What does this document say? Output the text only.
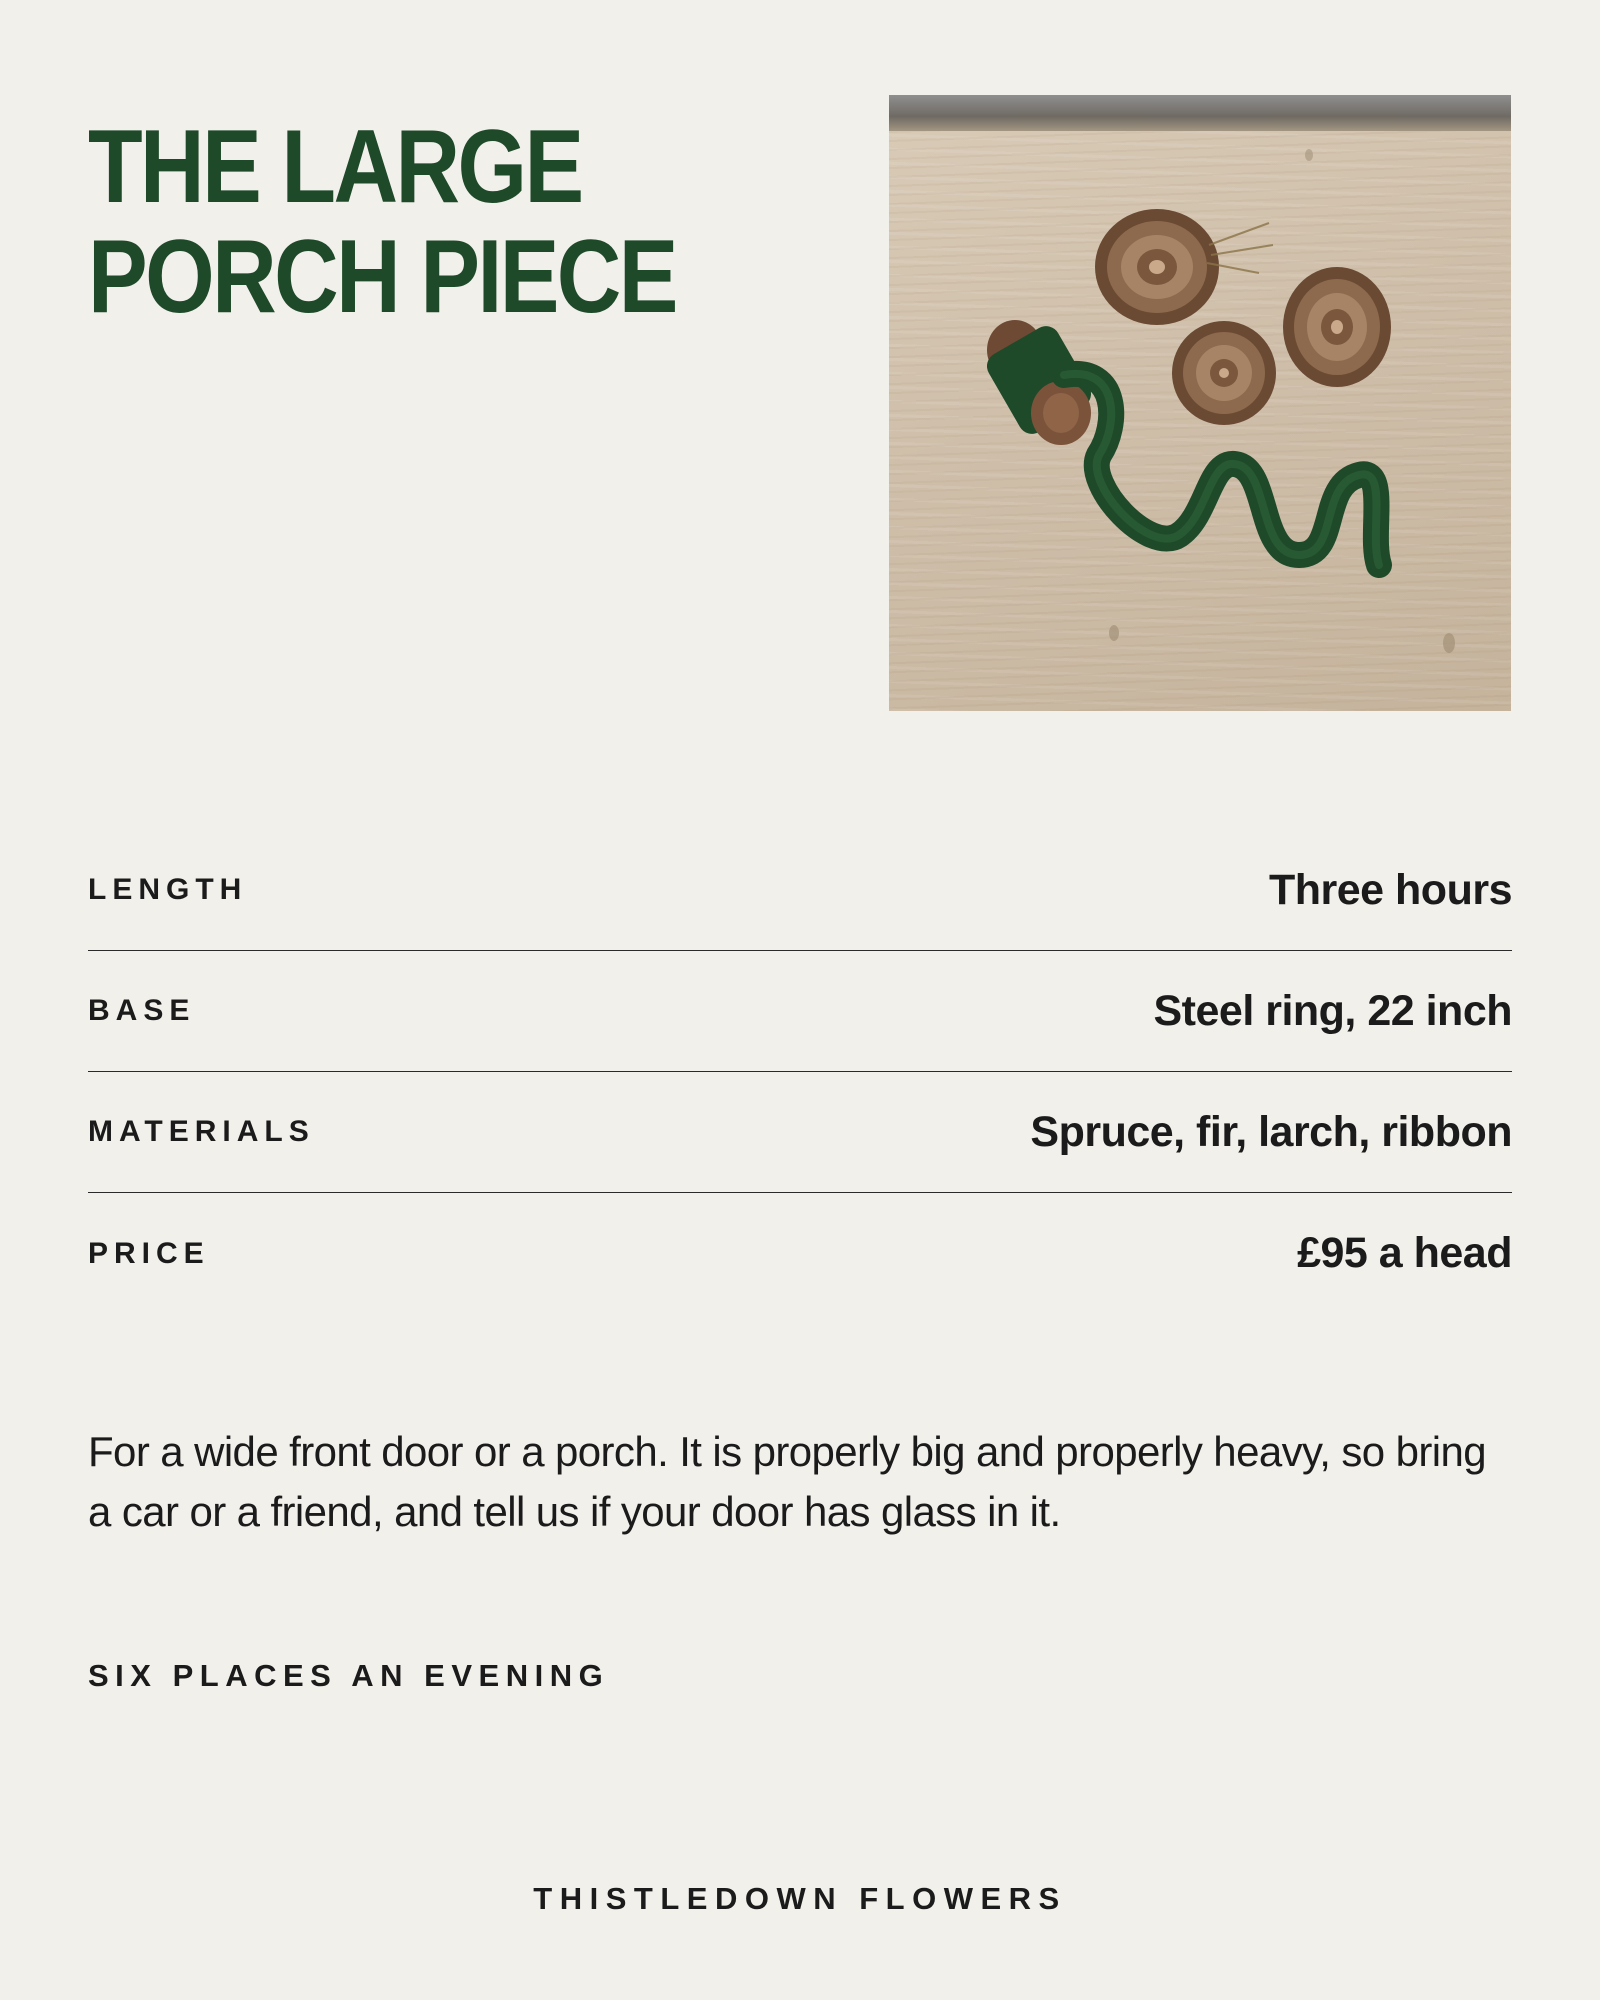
THE LARGE
PORCH PIECE
LENGTH	Three hours
BASE	Steel ring, 22 inch
MATERIALS	Spruce, fir, larch, ribbon
PRICE	£95 a head

For a wide front door or a porch. It is properly big and properly heavy, so bring a car or a friend, and tell us if your door has glass in it.

SIX PLACES AN EVENING
THISTLEDOWN FLOWERS
